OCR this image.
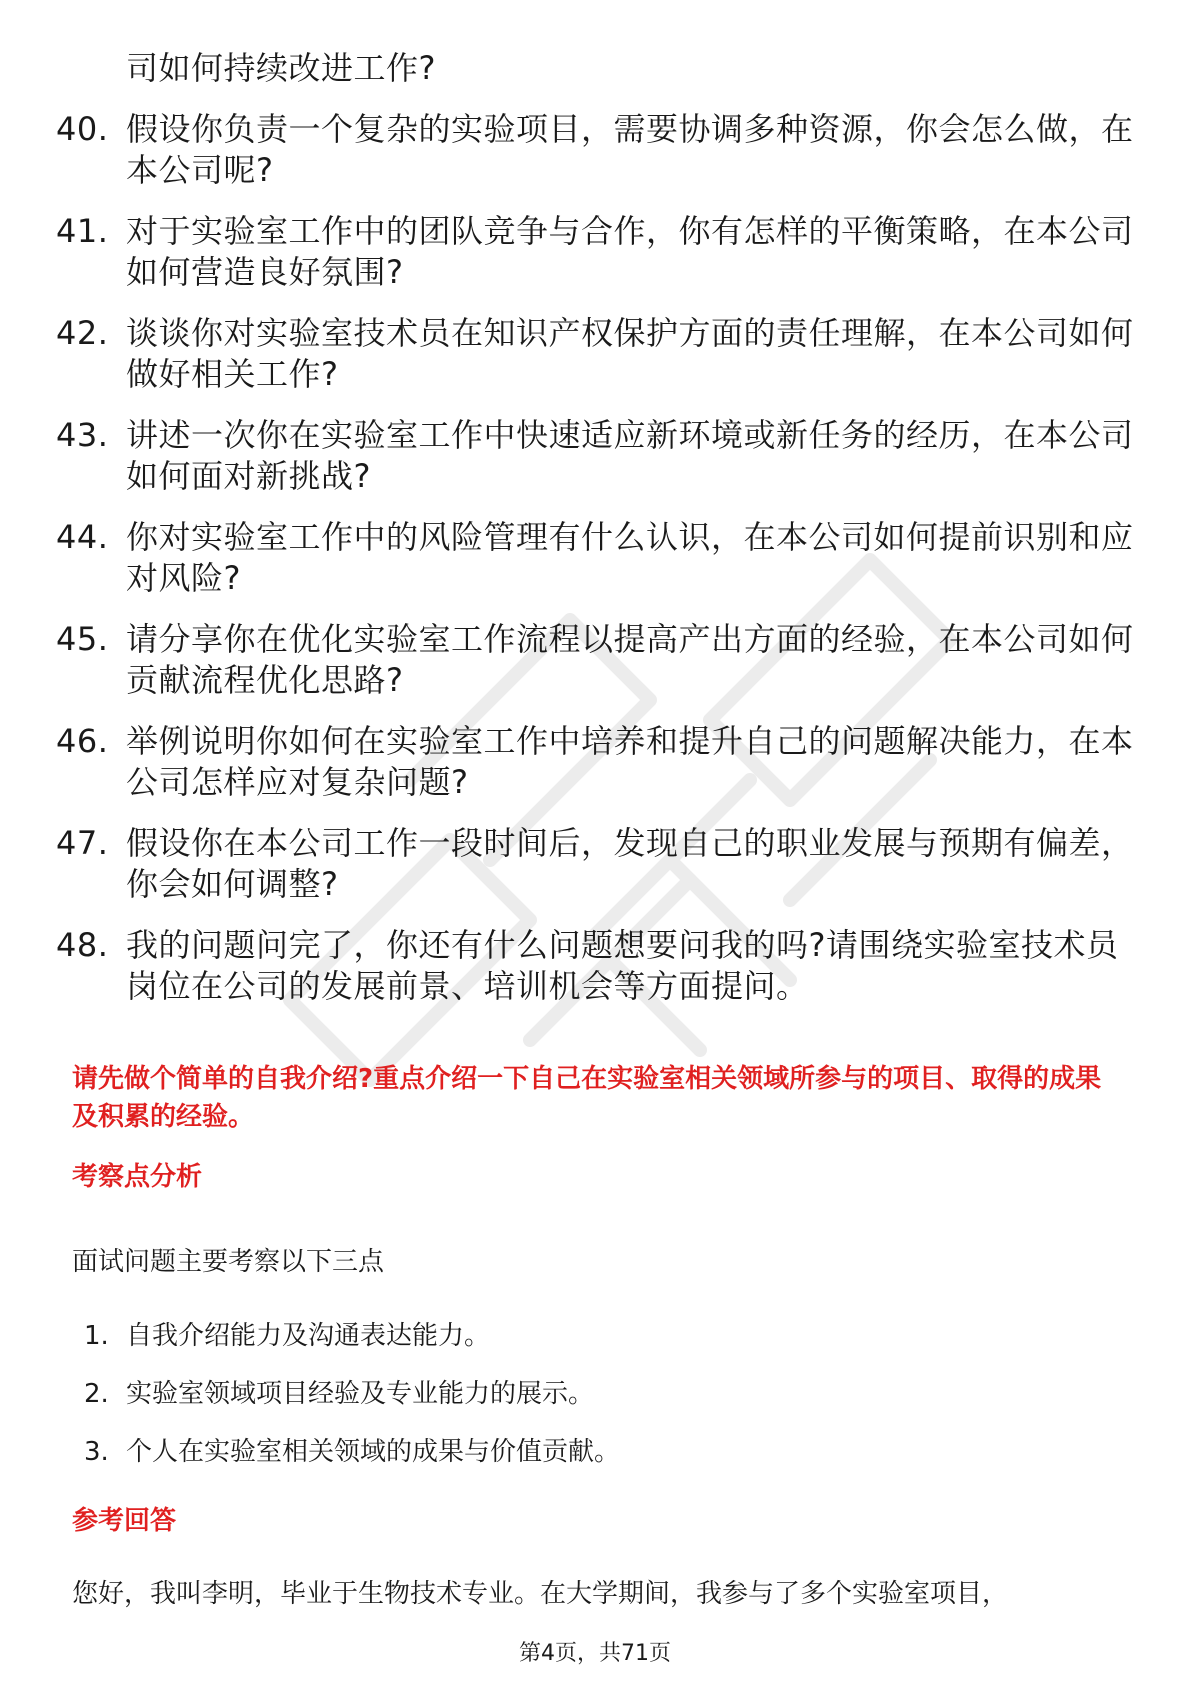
司如何持续改进工作?
40. 假设你负责一个复杂的实验项目，需要协调多种资源，你会怎么做，在本公司呢?
41. 对于实验室工作中的团队竞争与合作，你有怎样的平衡策略，在本公司如何营造良好氛围?
42. 谈谈你对实验室技术员在知识产权保护方面的责任理解，在本公司如何做好相关工作?
43. 讲述一次你在实验室工作中快速适应新环境或新任务的经历，在本公司如何面对新挑战?
44. 你对实验室工作中的风险管理有什么认识，在本公司如何提前识别和应对风险?
45. 请分享你在优化实验室工作流程以提高产出方面的经验，在本公司如何贡献流程优化思路?
46. 举例说明你如何在实验室工作中培养和提升自己的问题解决能力，在本公司怎样应对复杂问题?
47. 假设你在本公司工作一段时间后，发现自己的职业发展与预期有偏差，你会如何调整?
48. 我的问题问完了，你还有什么问题想要问我的吗?请围绕实验室技术员岗位在公司的发展前景、培训机会等方面提问。

请先做个简单的自我介绍?重点介绍一下自己在实验室相关领域所参与的项目、取得的成果及积累的经验。

考察点分析

面试问题主要考察以下三点

1. 自我介绍能力及沟通表达能力。
2. 实验室领域项目经验及专业能力的展示。
3. 个人在实验室相关领域的成果与价值贡献。
参考回答

您好，我叫李明，毕业于生物技术专业。在大学期间，我参与了多个实验室项目，

第4页，共71页
